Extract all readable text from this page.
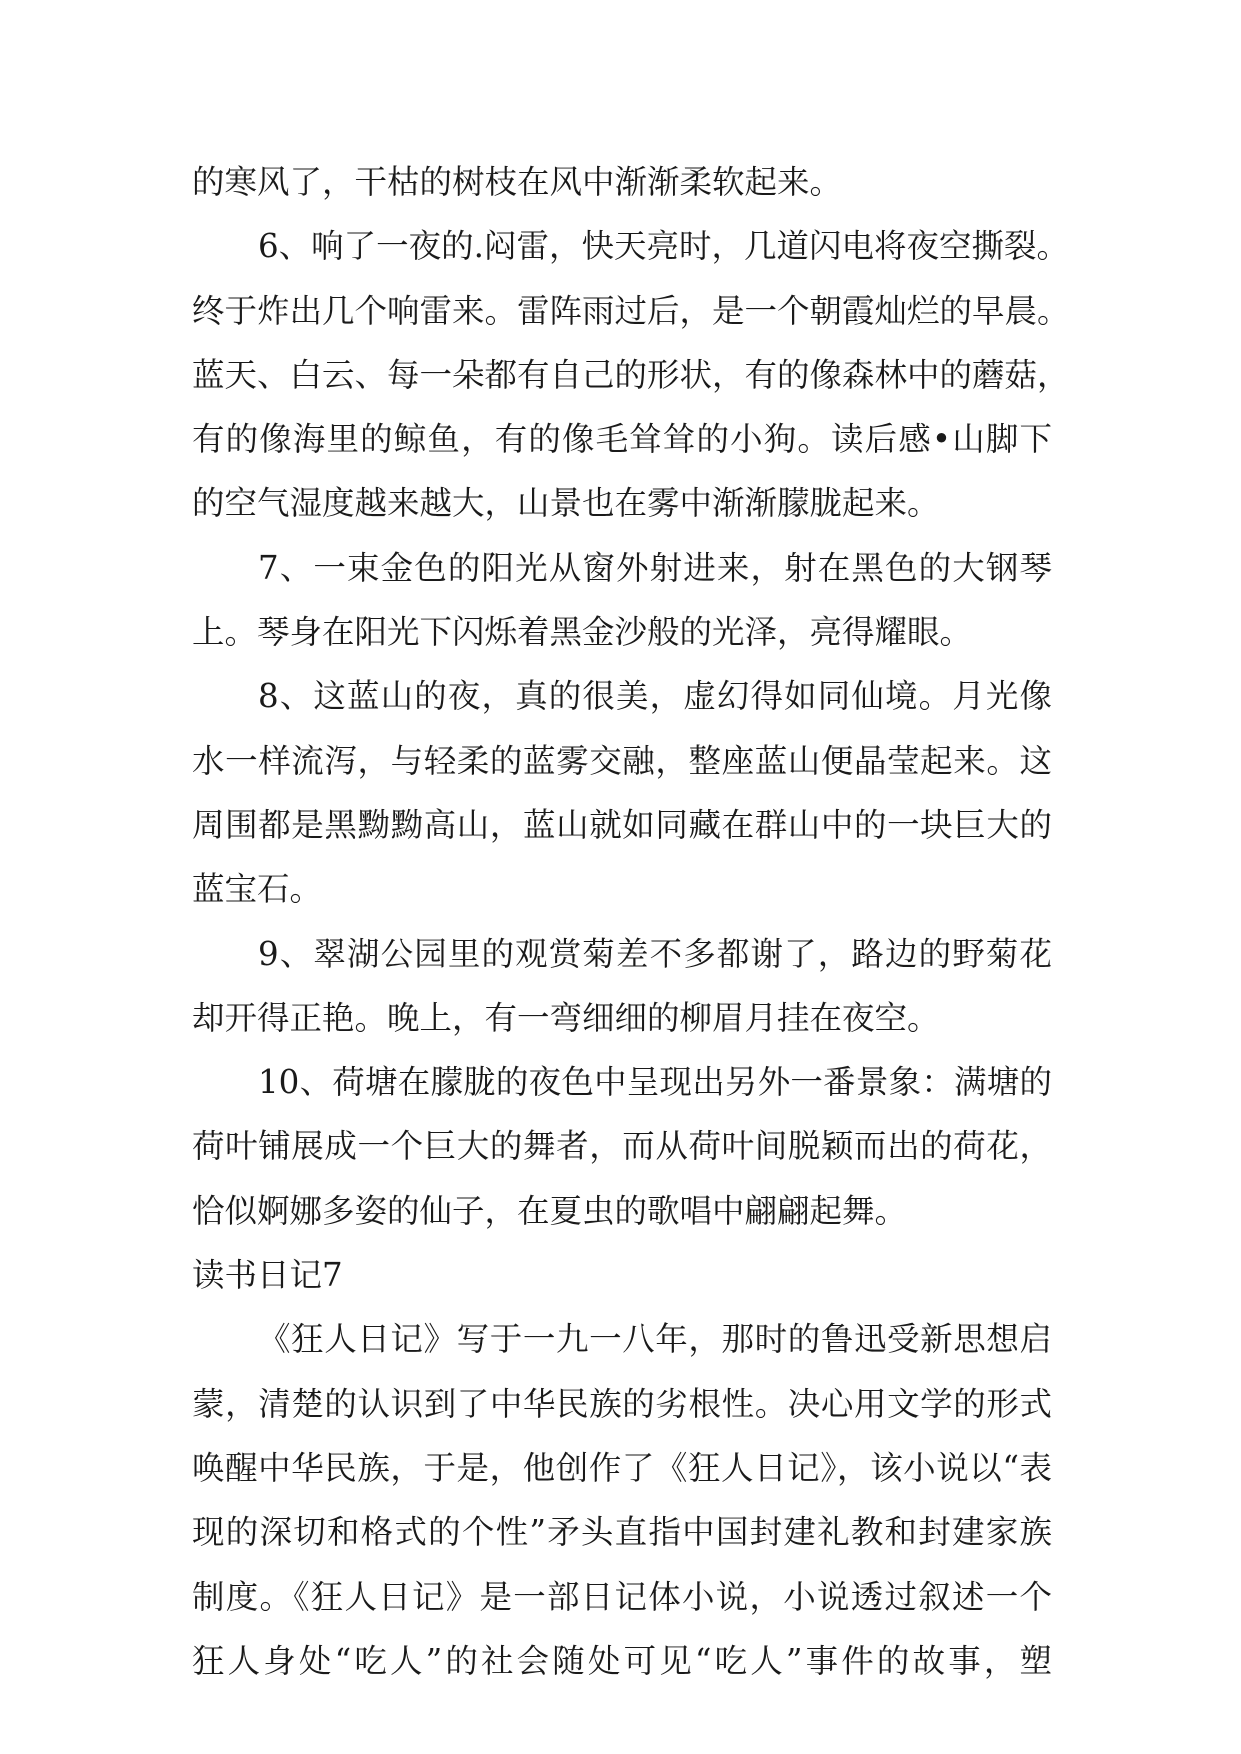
的寒风了，干枯的树枝在风中渐渐柔软起来。
6、响了一夜的.闷雷，快天亮时，几道闪电将夜空撕裂。
终于炸出几个响雷来。雷阵雨过后，是一个朝霞灿烂的早晨。
蓝天、白云、每一朵都有自己的形状，有的像森林中的蘑菇，
有的像海里的鲸鱼，有的像毛耸耸的小狗。读后感•山脚下
的空气湿度越来越大，山景也在雾中渐渐朦胧起来。
7、一束金色的阳光从窗外射进来，射在黑色的大钢琴
上。琴身在阳光下闪烁着黑金沙般的光泽，亮得耀眼。
8、这蓝山的夜，真的很美，虚幻得如同仙境。月光像
水一样流泻，与轻柔的蓝雾交融，整座蓝山便晶莹起来。这
周围都是黑黝黝高山，蓝山就如同藏在群山中的一块巨大的
蓝宝石。
9、翠湖公园里的观赏菊差不多都谢了，路边的野菊花
却开得正艳。晚上，有一弯细细的柳眉月挂在夜空。
10、荷塘在朦胧的夜色中呈现出另外一番景象：满塘的
荷叶铺展成一个巨大的舞者，而从荷叶间脱颖而出的荷花，
恰似婀娜多姿的仙子，在夏虫的歌唱中翩翩起舞。
读书日记7
《狂人日记》写于一九一八年，那时的鲁迅受新思想启
蒙，清楚的认识到了中华民族的劣根性。决心用文学的形式
唤醒中华民族，于是，他创作了《狂人日记》，该小说以“表
现的深切和格式的个性”矛头直指中国封建礼教和封建家族
制度。《狂人日记》是一部日记体小说，小说透过叙述一个
狂人身处“吃人”的社会随处可见“吃人”事件的故事，塑
